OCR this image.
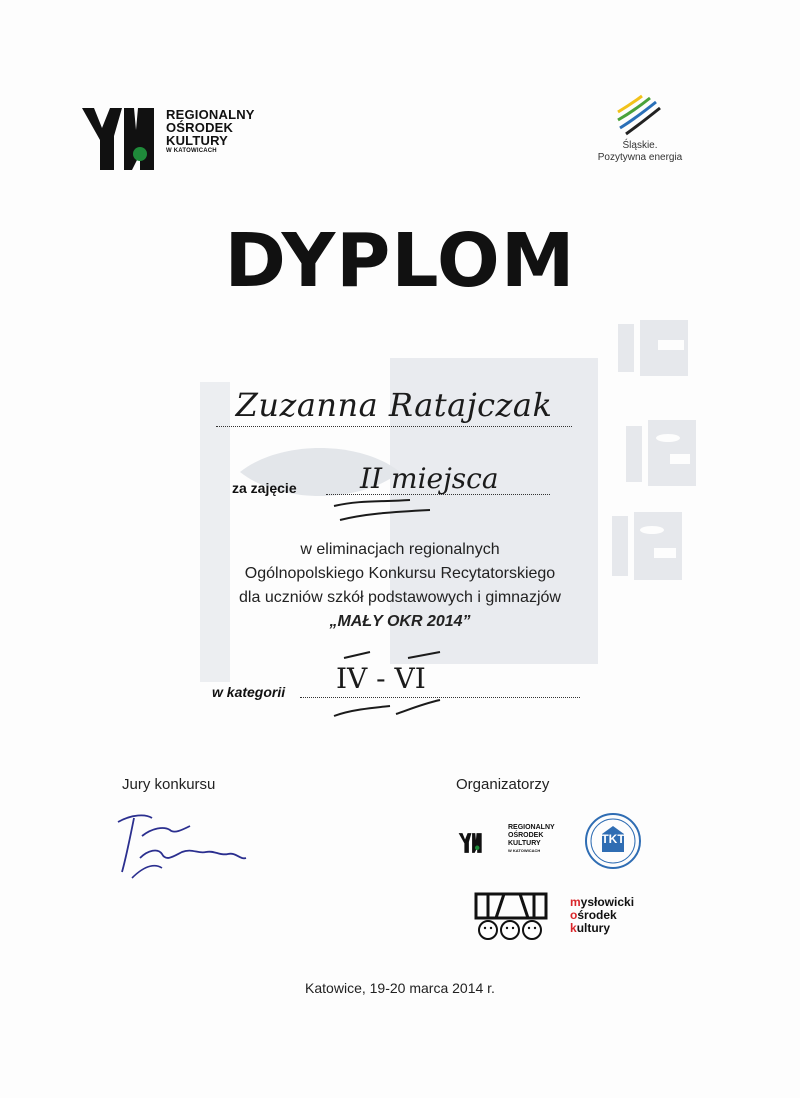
REGIONALNY
OŚRODEK
KULTURY
W KATOWICACH	Śląskie.
Pozytywna energia
DYPLOM
Zuzanna Ratajczak
za zajęcie II miejsca
w eliminacjach regionalnych
Ogólnopolskiego Konkursu Recytatorskiego
dla uczniów szkół podstawowych i gimnazjów
„MAŁY OKR 2014”
w kategorii IV - VI
Jury konkursu	Organizatorzy
REGIONALNY
OŚRODEK
KULTURY
W KATOWICACH
TKT
mysłowicki
ośrodek
kultury
Katowice, 19-20 marca 2014 r.
